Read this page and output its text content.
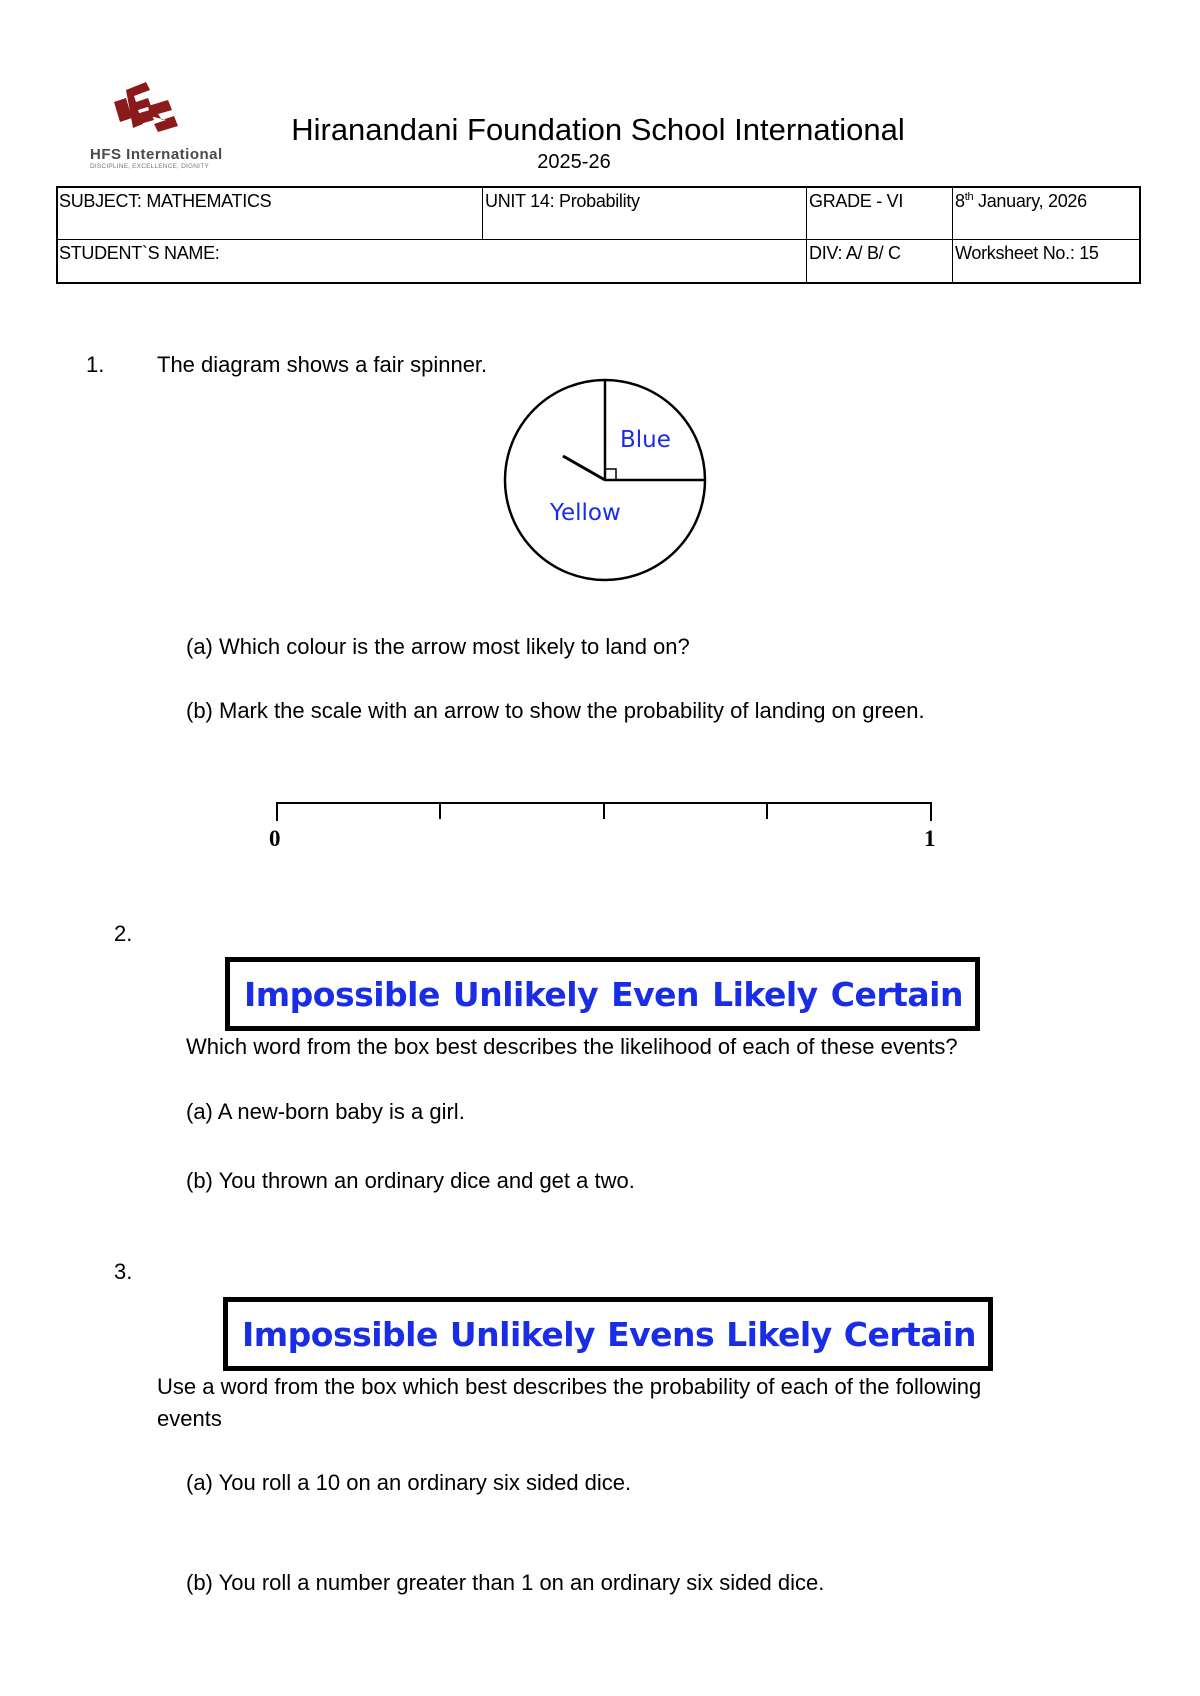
HFS International
DISCIPLINE, EXCELLENCE, DIGNITY
Hiranandani Foundation School International
2025-26
SUBJECT: MATHEMATICS	UNIT 14: Probability	GRADE - VI	8th January, 2026
STUDENT`S NAME:	DIV: A/ B/ C	Worksheet No.: 15
1. The diagram shows a fair spinner.
Blue
Yellow
(a) Which colour is the arrow most likely to land on?
(b) Mark the scale with an arrow to show the probability of landing on green.
0	1
2.
Impossible Unlikely Even Likely Certain
Which word from the box best describes the likelihood of each of these events?
(a) A new-born baby is a girl.
(b) You thrown an ordinary dice and get a two.
3.
Impossible Unlikely Evens Likely Certain
Use a word from the box which best describes the probability of each of the following
events
(a) You roll a 10 on an ordinary six sided dice.
(b) You roll a number greater than 1 on an ordinary six sided dice.
